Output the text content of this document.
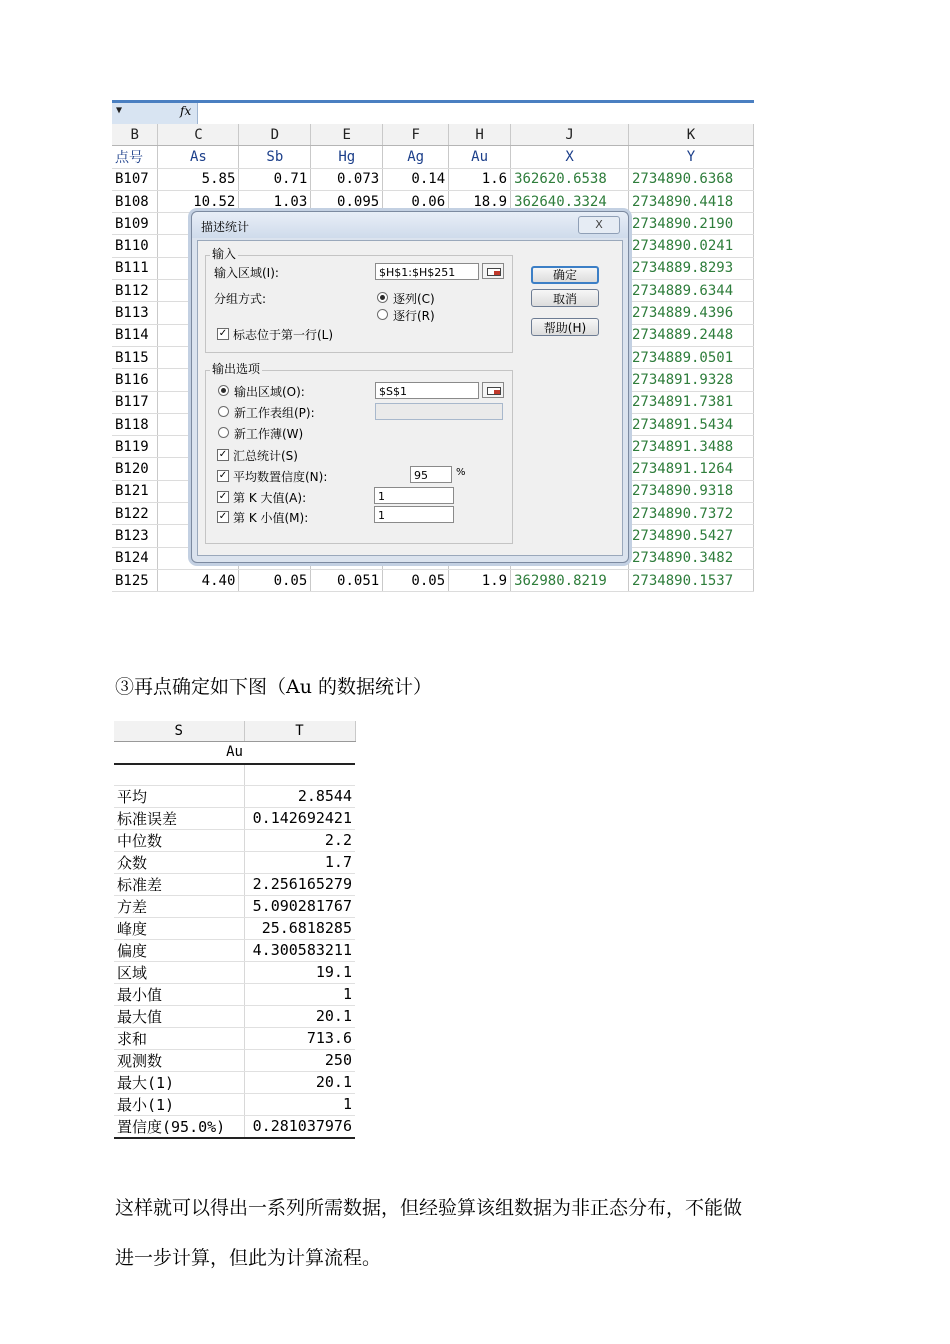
▼	fx
B	C	D	E	F	H	J	K
点号	As	Sb	Hg	Ag	Au	X	Y
B107	5.85	0.71	0.073	0.14	1.6	362620.6538	2734890.6368
B108	10.52	1.03	0.095	0.06	18.9	362640.3324	2734890.4418
B109							2734890.2190
B110							2734890.0241
B111							2734889.8293
B112							2734889.6344
B113							2734889.4396
B114							2734889.2448
B115							2734889.0501
B116							2734891.9328
B117							2734891.7381
B118							2734891.5434
B119							2734891.3488
B120							2734891.1264
B121							2734890.9318
B122							2734890.7372
B123							2734890.5427
B124							2734890.3482
B125	4.40	0.05	0.051	0.05	1.9	362980.8219	2734890.1537
描述统计	X
输入
输入区域(I):	$H$1:$H$251
分组方式:	逐列(C)
逐行(R)
✓ 标志位于第一行(L)
确定
取消
帮助(H)
输出选项
输出区域(O):	$S$1
新工作表组(P):
新工作薄(W)
✓ 汇总统计(S)
✓ 平均数置信度(N):	95	%
✓ 第 K 大值(A):	1
✓ 第 K 小值(M):	1
③再点确定如下图（Au 的数据统计）
S	T
Au	

平均	2.8544
标准误差	0.142692421
中位数	2.2
众数	1.7
标准差	2.256165279
方差	5.090281767
峰度	25.6818285
偏度	4.300583211
区域	19.1
最小值	1
最大值	20.1
求和	713.6
观测数	250
最大(1)	20.1
最小(1)	1
置信度(95.0%)	0.281037976
这样就可以得出一系列所需数据，但经验算该组数据为非正态分布，不能做
进一步计算，但此为计算流程。
